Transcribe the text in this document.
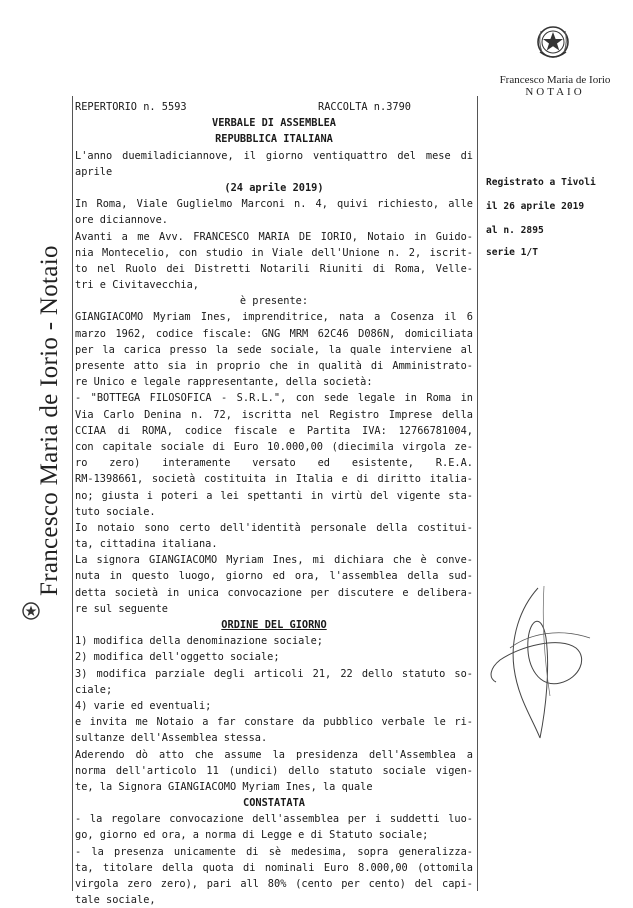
Francesco Maria de Iorio
NOTAIO
Francesco Maria de Iorio - Notaio
Registrato a Tivoli
il 26 aprile 2019
al n. 2895
serie 1/T
REPERTORIO n. 5593	RACCOLTA n.3790
VERBALE DI ASSEMBLEA
REPUBBLICA ITALIANA
L'anno duemiladiciannove, il giorno ventiquattro del mese di
aprile
(24 aprile 2019)
In Roma, Viale Guglielmo Marconi n. 4, quivi richiesto, alle
ore diciannove.
Avanti a me Avv. FRANCESCO MARIA DE IORIO, Notaio in Guido-
nia Montecelio, con studio in Viale dell'Unione n. 2, iscrit-
to nel Ruolo dei Distretti Notarili Riuniti di Roma, Velle-
tri e Civitavecchia,
è presente:
GIANGIACOMO Myriam Ines, imprenditrice, nata a Cosenza il 6
marzo 1962, codice fiscale: GNG MRM 62C46 D086N, domiciliata
per la carica presso la sede sociale, la quale interviene al
presente atto sia in proprio che in qualità di Amministrato-
re Unico e legale rappresentante, della società:
- "BOTTEGA FILOSOFICA - S.R.L.", con sede legale in Roma in
Via Carlo Denina n. 72, iscritta nel Registro Imprese della
CCIAA di ROMA, codice fiscale e Partita IVA: 12766781004,
con capitale sociale di Euro 10.000,00 (diecimila virgola ze-
ro zero) interamente versato ed esistente, R.E.A.
RM-1398661, società costituita in Italia e di diritto italia-
no; giusta i poteri a lei spettanti in virtù del vigente sta-
tuto sociale.
Io notaio sono certo dell'identità personale della costitui-
ta, cittadina italiana.
La signora GIANGIACOMO Myriam Ines, mi dichiara che è conve-
nuta in questo luogo, giorno ed ora, l'assemblea della sud-
detta società in unica convocazione per discutere e delibera-
re sul seguente
ORDINE DEL GIORNO
1) modifica della denominazione sociale;
2) modifica dell'oggetto sociale;
3) modifica parziale degli articoli 21, 22 dello statuto so-
ciale;
4) varie ed eventuali;
e invita me Notaio a far constare da pubblico verbale le ri-
sultanze dell'Assemblea stessa.
Aderendo dò atto che assume la presidenza dell'Assemblea a
norma dell'articolo 11 (undici) dello statuto sociale vigen-
te, la Signora GIANGIACOMO Myriam Ines, la quale
CONSTATATA
- la regolare convocazione dell'assemblea per i suddetti luo-
go, giorno ed ora, a norma di Legge e di Statuto sociale;
- la presenza unicamente di sè medesima, sopra generalizza-
ta, titolare della quota di nominali Euro 8.000,00 (ottomila
virgola zero zero), pari all 80% (cento per cento) del capi-
tale sociale,
